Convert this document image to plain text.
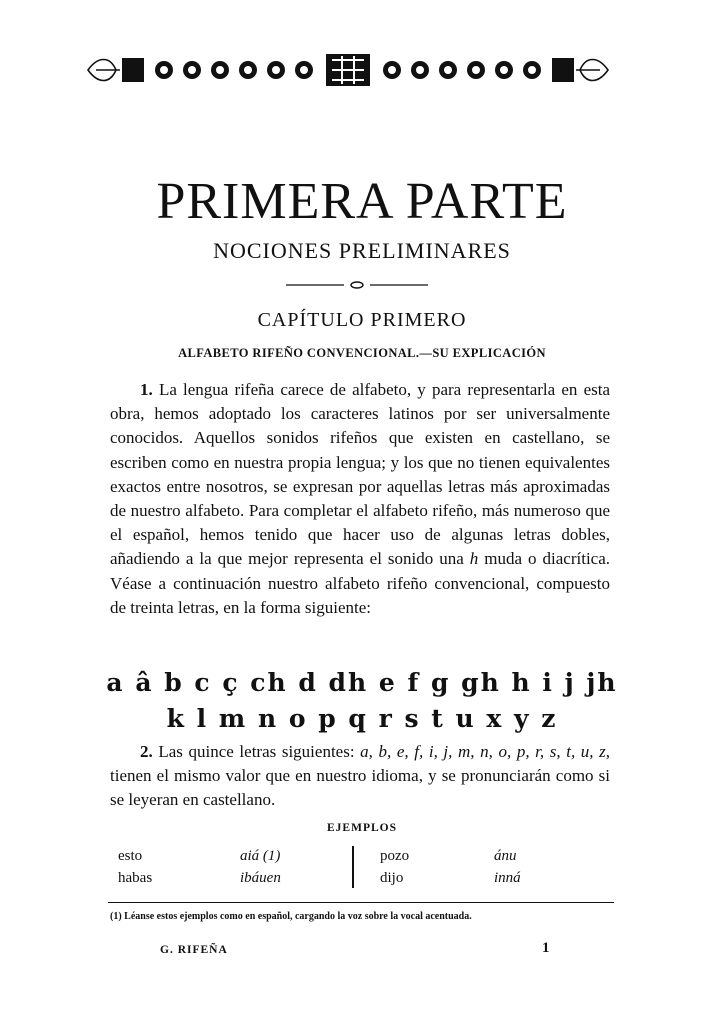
PRIMERA PARTE
NOCIONES PRELIMINARES
CAPÍTULO PRIMERO
ALFABETO RIFEÑO CONVENCIONAL.—SU EXPLICACIÓN

1. La lengua rifeña carece de alfabeto, y para representarla en esta obra, hemos adoptado los caracteres latinos por ser universalmente conocidos. Aquellos sonidos rifeños que existen en castellano, se escriben como en nuestra propia lengua; y los que no tienen equivalentes exactos entre nosotros, se expresan por aquellas letras más aproximadas de nuestro alfabeto. Para completar el alfabeto rifeño, más numeroso que el español, hemos tenido que hacer uso de algunas letras dobles, añadiendo a la que mejor representa el sonido una h muda o diacrítica. Véase a continuación nuestro alfabeto rifeño convencional, compuesto de treinta letras, en la forma siguiente:

a â b c ç ch d dh e f g gh h i j jh
k l m n o p q r s t u x y z

2. Las quince letras siguientes: a, b, e, f, i, j, m, n, o, p, r, s, t, u, z, tienen el mismo valor que en nuestro idioma, y se pronunciarán como si se leyeran en castellano.

EJEMPLOS
esto	aiá (1)
habas	ibáuen
pozo	ánu
dijo	inná
(1) Léanse estos ejemplos como en español, cargando la voz sobre la vocal acentuada.
G. RIFEÑA	1
